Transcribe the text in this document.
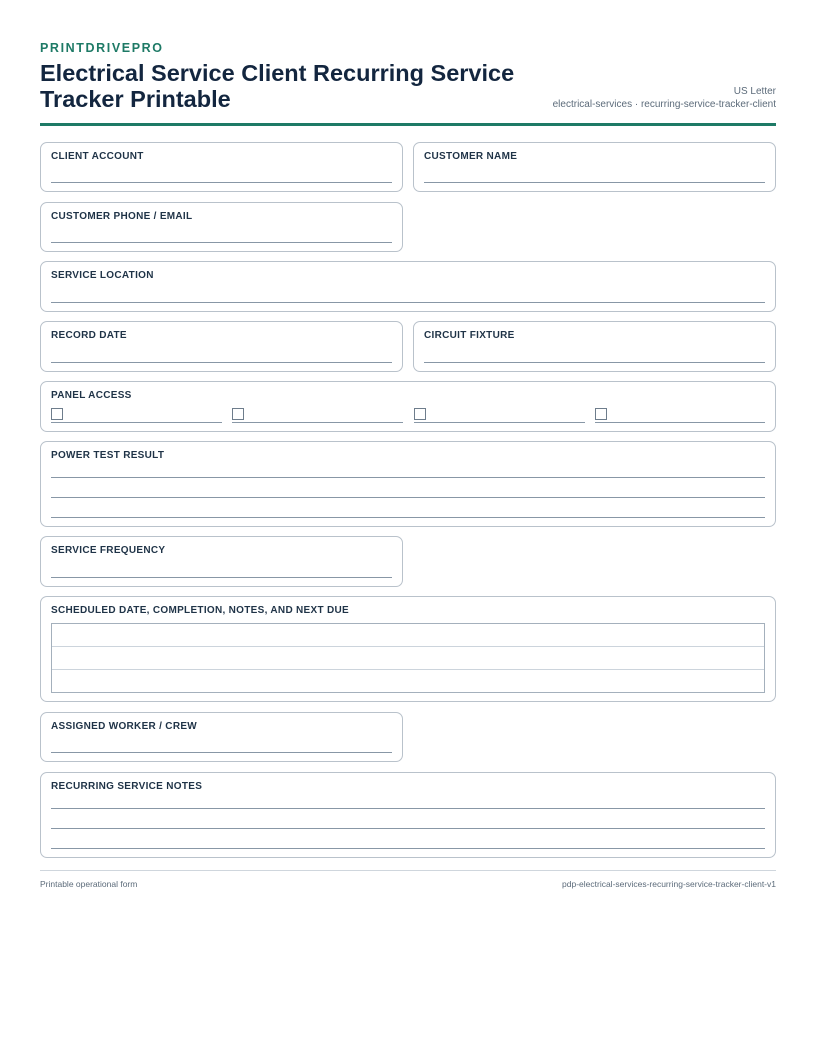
PRINTDRIVEPRO
Electrical Service Client Recurring Service Tracker Printable	US Letter
electrical-services · recurring-service-tracker-client
CLIENT ACCOUNT	CUSTOMER NAME
CUSTOMER PHONE / EMAIL
SERVICE LOCATION
RECORD DATE	CIRCUIT FIXTURE
PANEL ACCESS
POWER TEST RESULT
SERVICE FREQUENCY
SCHEDULED DATE, COMPLETION, NOTES, AND NEXT DUE
ASSIGNED WORKER / CREW
RECURRING SERVICE NOTES
Printable operational form	pdp-electrical-services-recurring-service-tracker-client-v1
